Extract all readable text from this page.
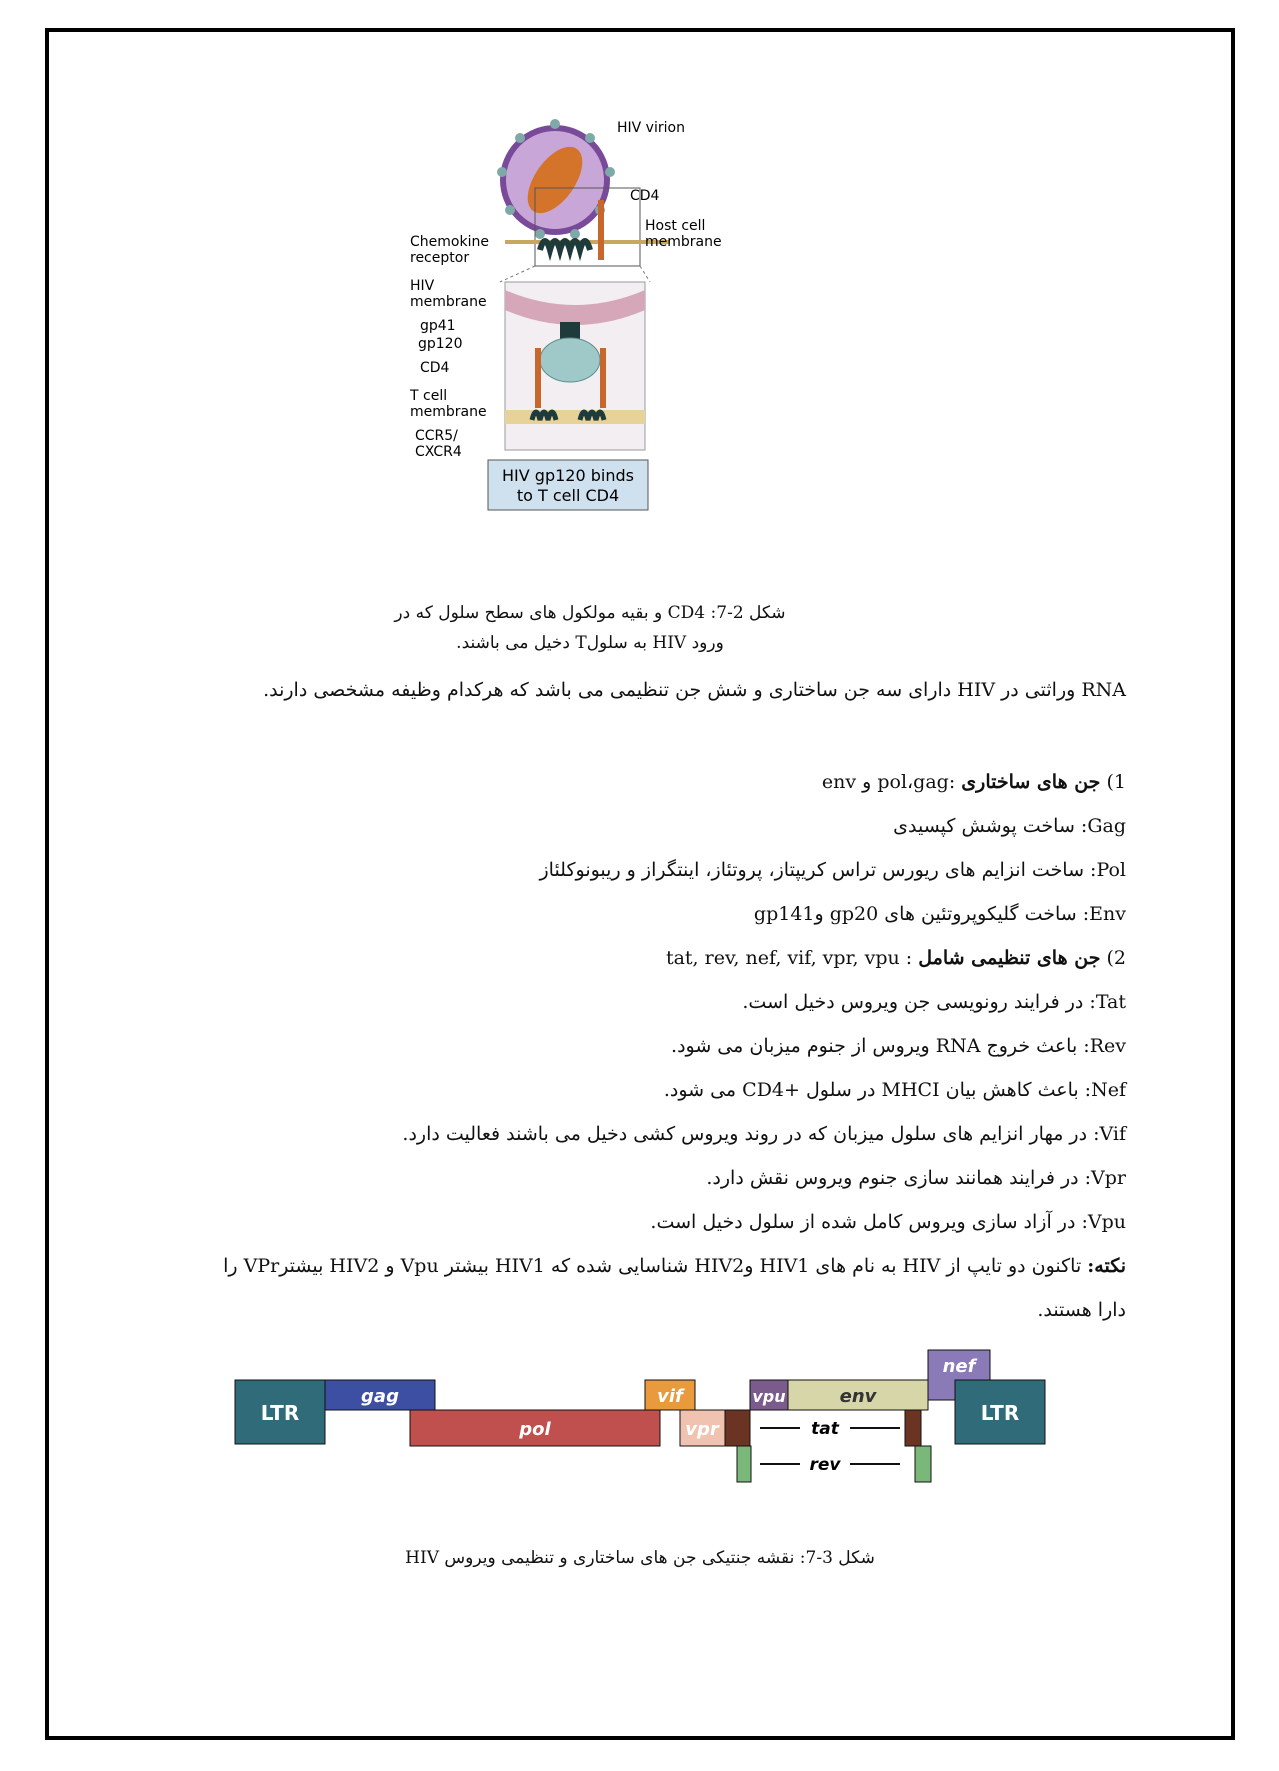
HIV virion
CD4
Host cell
membrane
Chemokine
receptor
HIV
membrane
gp41
gp120
CD4
T cell
membrane
CCR5/
CXCR4
HIV gp120 binds
to T cell CD4
شکل 2-7: CD4 و بقیه مولکول های سطح سلول که در
ورود HIV به سلولT دخیل می باشند.
RNA وراثتی در HIV دارای سه جن ساختاری و شش جن تنظیمی می باشد که هرکدام وظیفه مشخصی دارند.
1) جن های ساختاری :pol،gag و env
Gag: ساخت پوشش کپسیدی
Pol: ساخت انزایم های ریورس تراس کریپتاز، پروتئاز، اینتگراز و ریبونوکلئاز
Env: ساخت گلیکوپروتئین های gp20 وgp141
2) جن های تنظیمی شامل : tat, rev, nef, vif, vpr, vpu
Tat: در فرایند رونویسی جن ویروس دخیل است.
Rev: باعث خروج RNA ویروس از جنوم میزبان می شود.
Nef: باعث کاهش بیان MHCI در سلول +CD4 می شود.
Vif: در مهار انزایم های سلول میزبان که در روند ویروس کشی دخیل می باشند فعالیت دارد.
Vpr: در فرایند همانند سازی جنوم ویروس نقش دارد.
Vpu: در آزاد سازی ویروس کامل شده از سلول دخیل است.
نکته: تاکنون دو تایپ از HIV به نام های HIV1 وHIV2 شناسایی شده که HIV1 بیشتر Vpu و HIV2 بیشترVPr را
دارا هستند.
LTR
gag
pol
vif
vpr
vpu	env
tat
rev
nef
LTR
شکل 3-7: نقشه جنتیکی جن های ساختاری و تنظیمی ویروس HIV
